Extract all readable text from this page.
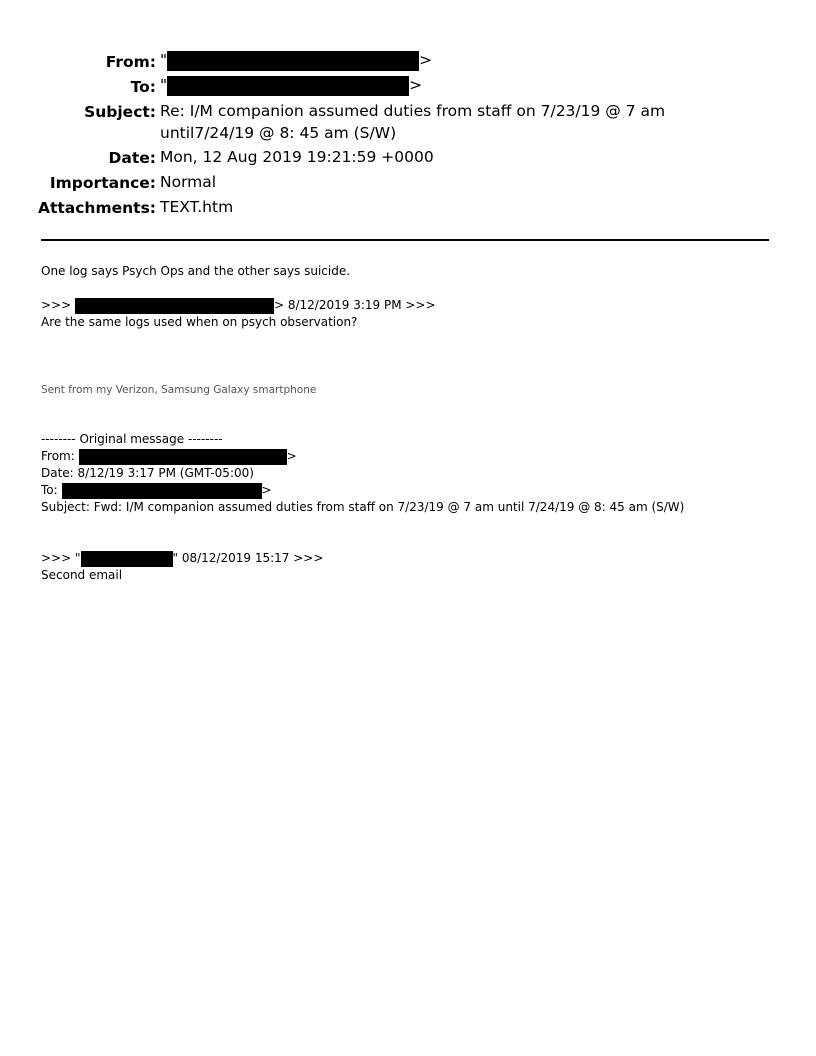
From: "	>
To: "	>
Subject: Re: I/M companion assumed duties from staff on 7/23/19 @ 7 am until7/24/19 @ 8: 45 am (S/W)
Date: Mon, 12 Aug 2019 19:21:59 +0000
Importance: Normal
Attachments: TEXT.htm
One log says Psych Ops and the other says suicide.
>>>	> 8/12/2019 3:19 PM >>>
Are the same logs used when on psych observation?
Sent from my Verizon, Samsung Galaxy smartphone
-------- Original message --------
From:	>
Date: 8/12/19 3:17 PM (GMT-05:00)
To:	>
Subject: Fwd: I/M companion assumed duties from staff on 7/23/19 @ 7 am until 7/24/19 @ 8: 45 am (S/W)
>>> "	" 08/12/2019 15:17 >>>
Second email
